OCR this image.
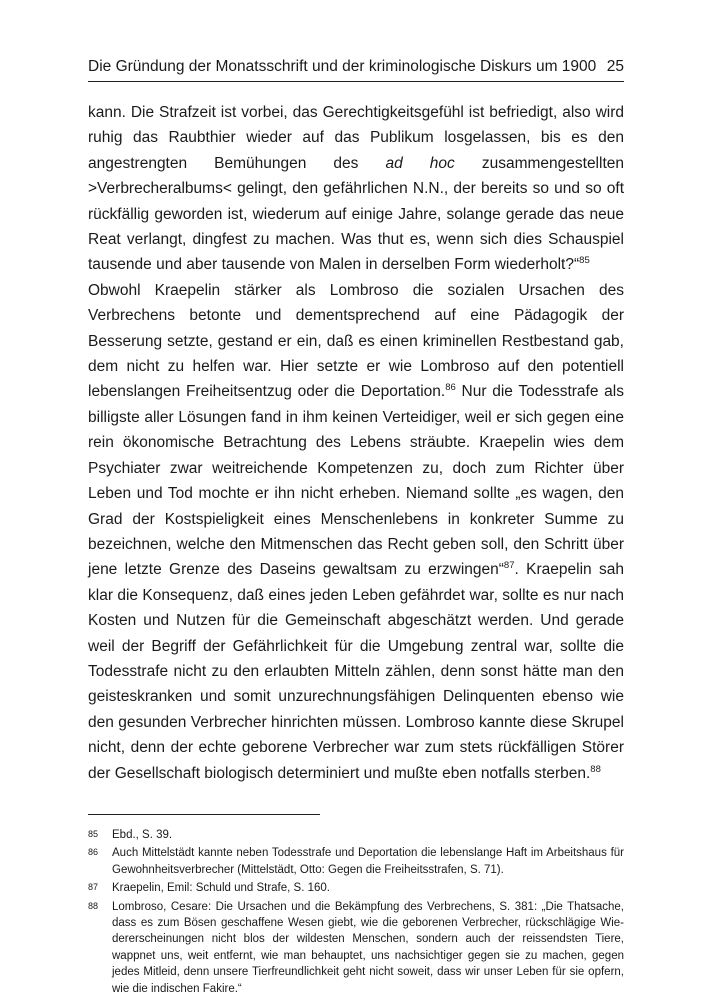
Die Gründung der Monatsschrift und der kriminologische Diskurs um 1900 25

kann. Die Strafzeit ist vorbei, das Gerechtigkeitsgefühl ist befriedigt, also wird ruhig das Raubthier wieder auf das Publikum losgelassen, bis es den angestrengten Bemühungen des ad hoc zusammengestellten >Verbrecheralbums< gelingt, den gefährlichen N.N., der bereits so und so oft rückfällig geworden ist, wiederum auf einige Jahre, solange gerade das neue Reat verlangt, dingfest zu machen. Was thut es, wenn sich dies Schauspiel tausende und aber tausende von Malen in derselben Form wiederholt?“$^{85}$

Obwohl Kraepelin stärker als Lombroso die sozialen Ursachen des Verbrechens betonte und dementsprechend auf eine Pädagogik der Besserung setzte, gestand er ein, daß es einen kriminellen Restbestand gab, dem nicht zu helfen war. Hier setzte er wie Lombroso auf den potentiell lebenslangen Freiheitsentzug oder die Deportation.$^{86}$ Nur die Todesstrafe als billigste aller Lösungen fand in ihm keinen Verteidiger, weil er sich gegen eine rein ökonomische Betrachtung des Lebens sträubte. Kraepelin wies dem Psychiater zwar weitreichende Kompetenzen zu, doch zum Richter über Leben und Tod mochte er ihn nicht erheben. Niemand sollte „es wagen, den Grad der Kostspieligkeit eines Menschenlebens in konkreter Summe zu bezeichnen, welche den Mitmenschen das Recht geben soll, den Schritt über jene letzte Grenze des Daseins gewaltsam zu erzwingen“$^{87}$. Kraepelin sah klar die Konsequenz, daß eines jeden Leben gefährdet war, sollte es nur nach Kosten und Nutzen für die Gemeinschaft abgeschätzt werden. Und gerade weil der Begriff der Gefährlichkeit für die Umgebung zentral war, sollte die Todesstrafe nicht zu den erlaubten Mitteln zählen, denn sonst hätte man den geisteskranken und somit unzurechnungsfähigen Delinquenten ebenso wie den gesunden Verbrecher hinrichten müssen. Lombroso kannte diese Skrupel nicht, denn der echte geborene Verbrecher war zum stets rückfälligen Störer der Gesellschaft biologisch determiniert und mußte eben notfalls sterben.$^{88}$

85	Ebd., S. 39.
86	Auch Mittelstädt kannte neben Todesstrafe und Deportation die lebenslange Haft im Arbeitshaus für Gewohnheitsverbrecher (Mittelstädt, Otto: Gegen die Freiheitsstrafen, S. 71).
87	Kraepelin, Emil: Schuld und Strafe, S. 160.
88	Lombroso, Cesare: Die Ursachen und die Bekämpfung des Verbrechens, S. 381: „Die Thatsache, dass es zum Bösen geschaffene Wesen giebt, wie die geborenen Verbrecher, rückschlägige Wiedererscheinungen nicht blos der wildesten Menschen, sondern auch der reissendsten Tiere, wappnet uns, weit entfernt, wie man behauptet, uns nachsichtiger gegen sie zu machen, gegen jedes Mitleid, denn unsere Tierfreundlichkeit geht nicht soweit, dass wir unser Leben für sie opfern, wie die indischen Fakire.“
